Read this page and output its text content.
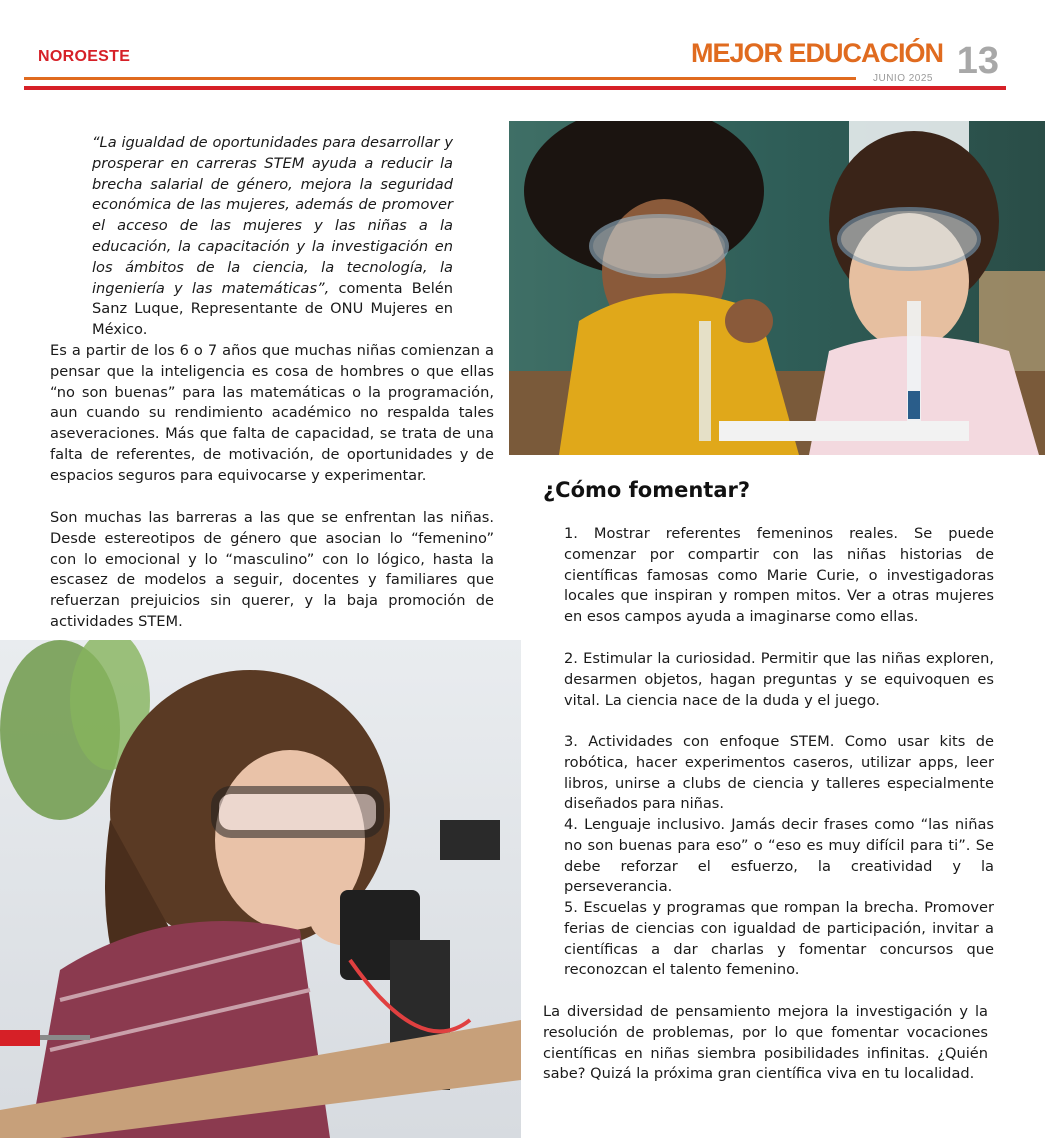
NOROESTE	MEJOR EDUCACIÓN
JUNIO 2025 13

“La igualdad de oportunidades para desarrollar y prosperar en carreras STEM ayuda a reducir la brecha salarial de género, mejora la seguridad económica de las mujeres, además de promover el acceso de las mujeres y las niñas a la educación, la capacitación y la investigación en los ámbitos de la ciencia, la tecnología, la ingeniería y las matemáticas”, comenta Belén Sanz Luque, Representante de ONU Mujeres en México.

Es a partir de los 6 o 7 años que muchas niñas comienzan a pensar que la inteligencia es cosa de hombres o que ellas “no son buenas” para las matemáticas o la programación, aun cuando su rendimiento académico no respalda tales aseveraciones. Más que falta de capacidad, se trata de una falta de referentes, de motivación, de oportunidades y de espacios seguros para equivocarse y experimentar.

Son muchas las barreras a las que se enfrentan las niñas. Desde estereotipos de género que asocian lo “femenino” con lo emocional y lo “masculino” con lo lógico, hasta la escasez de modelos a seguir, docentes y familiares que refuerzan prejuicios sin querer, y la baja promoción de actividades STEM.

¿Cómo fomentar?

1. Mostrar referentes femeninos reales. Se puede comenzar por compartir con las niñas historias de científicas famosas como Marie Curie, o investigadoras locales que inspiran y rompen mitos. Ver a otras mujeres en esos campos ayuda a imaginarse como ellas.

2. Estimular la curiosidad. Permitir que las niñas exploren, desarmen objetos, hagan preguntas y se equivoquen es vital. La ciencia nace de la duda y el juego.

3. Actividades con enfoque STEM. Como usar kits de robótica, hacer experimentos caseros, utilizar apps, leer libros, unirse a clubs de ciencia y talleres especialmente diseñados para niñas.

4. Lenguaje inclusivo. Jamás decir frases como “las niñas no son buenas para eso” o “eso es muy difícil para ti”. Se debe reforzar el esfuerzo, la creatividad y la perseverancia.

5. Escuelas y programas que rompan la brecha. Promover ferias de ciencias con igualdad de participación, invitar a científicas a dar charlas y fomentar concursos que reconozcan el talento femenino.

La diversidad de pensamiento mejora la investigación y la resolución de problemas, por lo que fomentar vocaciones científicas en niñas siembra posibilidades infinitas. ¿Quién sabe? Quizá la próxima gran científica viva en tu localidad.
